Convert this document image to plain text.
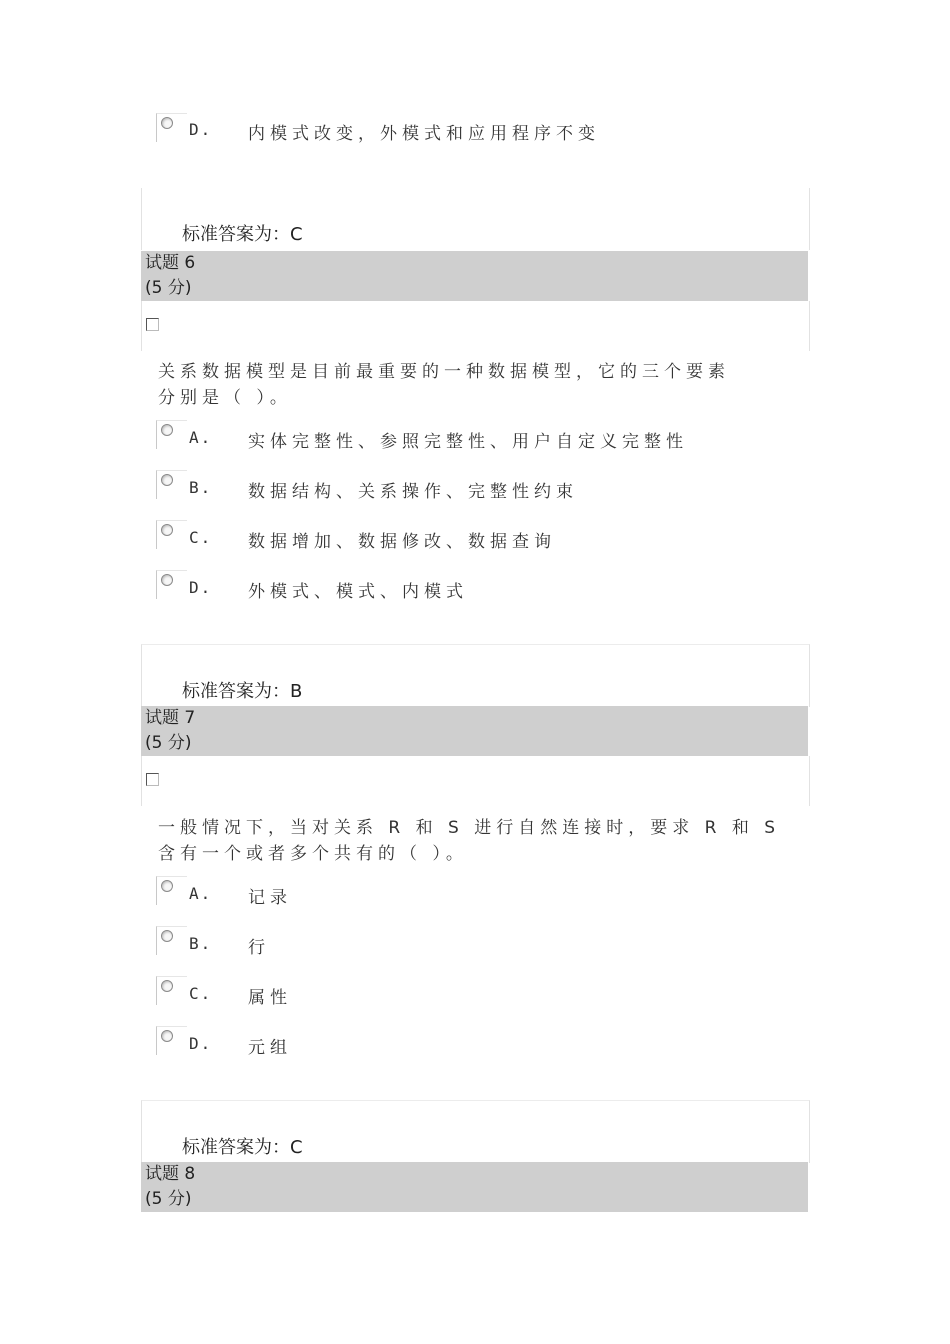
D. 内模式改变，外模式和应用程序不变
标准答案为：C
试题 6
(5 分)
关系数据模型是目前最重要的一种数据模型，它的三个要素
分别是（ ）。
A. 实体完整性、参照完整性、用户自定义完整性
B. 数据结构、关系操作、完整性约束
C. 数据增加、数据修改、数据查询
D. 外模式、模式、内模式
标准答案为：B
试题 7
(5 分)
一般情况下，当对关系 R 和 S 进行自然连接时，要求 R 和 S
含有一个或者多个共有的（ ）。
A. 记录
B. 行
C. 属性
D. 元组
标准答案为：C
试题 8
(5 分)
